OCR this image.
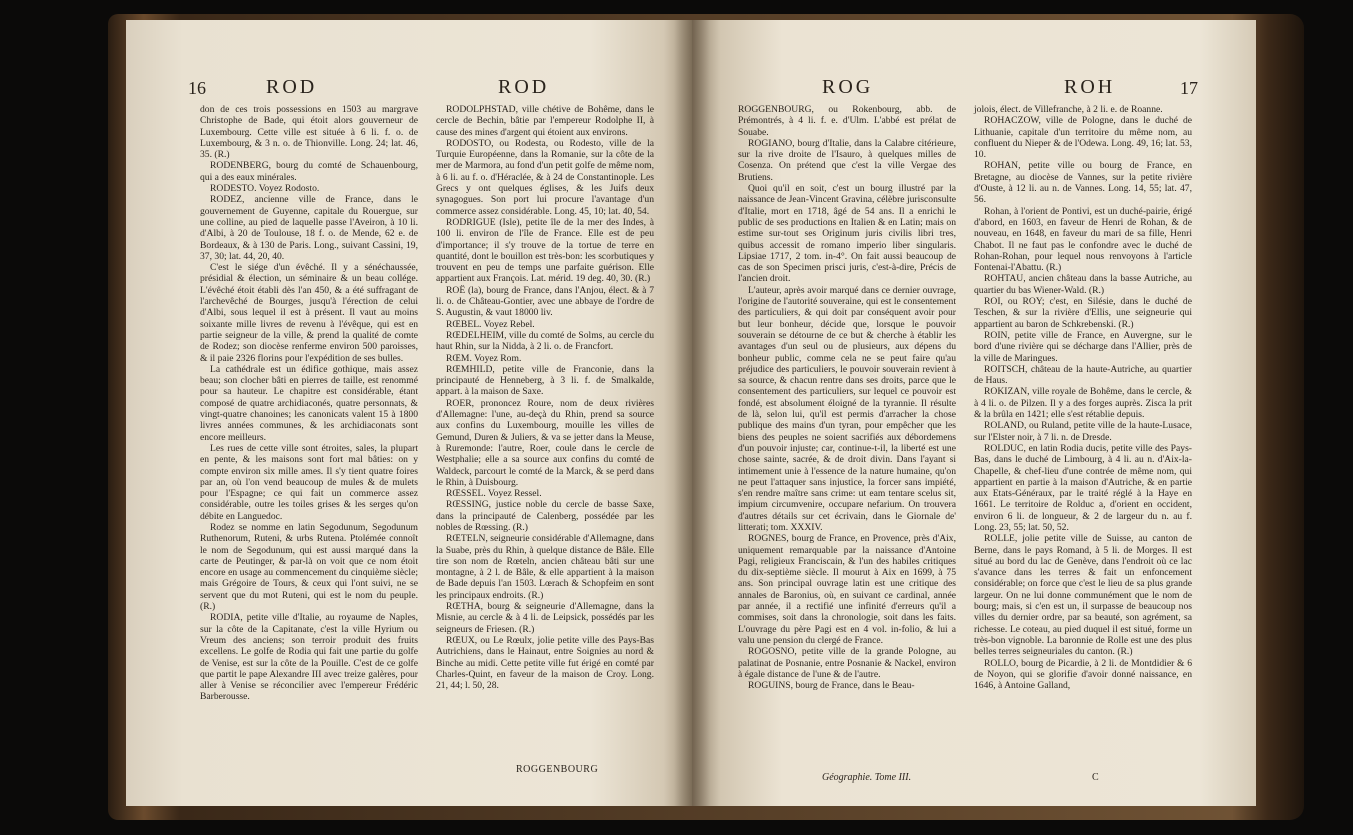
16	ROD	ROD

don de ces trois possessions en 1503 au margrave Christophe de Bade, qui étoit alors gouverneur de Luxembourg. Cette ville est située à 6 li. f. o. de Luxembourg, & 3 n. o. de Thionville. Long. 24; lat. 46, 35. (R.)

RODENBERG, bourg du comté de Schauenbourg, qui a des eaux minérales.

RODESTO. Voyez Rodosto.

RODEZ, ancienne ville de France, dans le gouvernement de Guyenne, capitale du Rouergue, sur une colline, au pied de laquelle passe l'Aveiron, à 10 li. d'Albi, à 20 de Toulouse, 18 f. o. de Mende, 62 e. de Bordeaux, & à 130 de Paris. Long., suivant Cassini, 19, 37, 30; lat. 44, 20, 40.

C'est le siége d'un évêché. Il y a sénéchaussée, présidial & élection, un séminaire & un beau collége. L'évêché étoit établi dès l'an 450, & a été suffragant de l'archevêché de Bourges, jusqu'à l'érection de celui d'Albi, sous lequel il est à présent. Il vaut au moins soixante mille livres de revenu à l'évêque, qui est en partie seigneur de la ville, & prend la qualité de comte de Rodez; son diocèse renferme environ 500 paroisses, & il paie 2326 florins pour l'expédition de ses bulles.

La cathédrale est un édifice gothique, mais assez beau; son clocher bâti en pierres de taille, est renommé pour sa hauteur. Le chapitre est considérable, étant composé de quatre archidiaconés, quatre personnats, & vingt-quatre chanoines; les canonicats valent 15 à 1800 livres années communes, & les archidiaconats sont encore meilleurs.

Les rues de cette ville sont étroites, sales, la plupart en pente, & les maisons sont fort mal bâties: on y compte environ six mille ames. Il s'y tient quatre foires par an, où l'on vend beaucoup de mules & de mulets pour l'Espagne; ce qui fait un commerce assez considérable, outre les toiles grises & les serges qu'on débite en Languedoc.

Rodez se nomme en latin Segodunum, Segodunum Ruthenorum, Ruteni, & urbs Rutena. Ptolémée connoît le nom de Segodunum, qui est aussi marqué dans la carte de Peutinger, & par-là on voit que ce nom étoit encore en usage au commencement du cinquième siècle; mais Grégoire de Tours, & ceux qui l'ont suivi, ne se servent que du mot Ruteni, qui est le nom du peuple. (R.)

RODIA, petite ville d'Italie, au royaume de Naples, sur la côte de la Capitanate, c'est la ville Hyrium ou Vreum des anciens; son terroir produit des fruits excellens. Le golfe de Rodia qui fait une partie du golfe de Venise, est sur la côte de la Pouille. C'est de ce golfe que partit le pape Alexandre III avec treize galères, pour aller à Venise se réconcilier avec l'empereur Frédéric Barberousse.

RODOLPHSTAD, ville chétive de Bohême, dans le cercle de Bechin, bâtie par l'empereur Rodolphe II, à cause des mines d'argent qui étoient aux environs.

RODOSTO, ou Rodesta, ou Rodesto, ville de la Turquie Européenne, dans la Romanie, sur la côte de la mer de Marmora, au fond d'un petit golfe de même nom, à 6 li. au f. o. d'Héraclée, & à 24 de Constantinople. Les Grecs y ont quelques églises, & les Juifs deux synagogues. Son port lui procure l'avantage d'un commerce assez considérable. Long. 45, 10; lat. 40, 54.

RODRIGUE (Isle), petite île de la mer des Indes, à 100 li. environ de l'île de France. Elle est de peu d'importance; il s'y trouve de la tortue de terre en quantité, dont le bouillon est très-bon: les scorbutiques y trouvent en peu de temps une parfaite guérison. Elle appartient aux François. Lat. mérid. 19 deg. 40, 30. (R.)

ROË (la), bourg de France, dans l'Anjou, élect. & à 7 li. o. de Château-Gontier, avec une abbaye de l'ordre de S. Augustin, & vaut 18000 liv.

RŒBEL. Voyez Rebel.

RŒDELHEIM, ville du comté de Solms, au cercle du haut Rhin, sur la Nidda, à 2 li. o. de Francfort.

RŒM. Voyez Rom.

RŒMHILD, petite ville de Franconie, dans la principauté de Henneberg, à 3 li. f. de Smalkalde, appart. à la maison de Saxe.

ROER, prononcez Roure, nom de deux rivières d'Allemagne: l'une, au-deçà du Rhin, prend sa source aux confins du Luxembourg, mouille les villes de Gemund, Duren & Juliers, & va se jetter dans la Meuse, à Ruremonde: l'autre, Roer, coule dans le cercle de Westphalie; elle a sa source aux confins du comté de Waldeck, parcourt le comté de la Marck, & se perd dans le Rhin, à Duisbourg.

RŒSSEL. Voyez Ressel.

RŒSSING, justice noble du cercle de basse Saxe, dans la principauté de Calenberg, possédée par les nobles de Rœssing. (R.)

RŒTELN, seigneurie considérable d'Allemagne, dans la Suabe, près du Rhin, à quelque distance de Bâle. Elle tire son nom de Rœteln, ancien château bâti sur une montagne, à 2 l. de Bâle, & elle appartient à la maison de Bade depuis l'an 1503. Lœrach & Schopfeim en sont les principaux endroits. (R.)

RŒTHA, bourg & seigneurie d'Allemagne, dans la Misnie, au cercle & à 4 li. de Leipsick, possédés par les seigneurs de Friesen. (R.)

RŒUX, ou Le Rœulx, jolie petite ville des Pays-Bas Autrichiens, dans le Hainaut, entre Soignies au nord & Binche au midi. Cette petite ville fut érigé en comté par Charles-Quint, en faveur de la maison de Croy. Long. 21, 44; l. 50, 28.

ROGGENBOURG
ROG	ROH	17

ROGGENBOURG, ou Rokenbourg, abb. de Prémontrés, à 4 li. f. e. d'Ulm. L'abbé est prélat de Souabe.

ROGIANO, bourg d'Italie, dans la Calabre citérieure, sur la rive droite de l'Isauro, à quelques milles de Cosenza. On prétend que c'est la ville Vergae des Brutiens.

Quoi qu'il en soit, c'est un bourg illustré par la naissance de Jean-Vincent Gravina, célèbre jurisconsulte d'Italie, mort en 1718, âgé de 54 ans. Il a enrichi le public de ses productions en Italien & en Latin; mais on estime sur-tout ses Originum juris civilis libri tres, quibus accessit de romano imperio liber singularis. Lipsiae 1717, 2 tom. in-4°. On fait aussi beaucoup de cas de son Specimen prisci juris, c'est-à-dire, Précis de l'ancien droit.

L'auteur, après avoir marqué dans ce dernier ouvrage, l'origine de l'autorité souveraine, qui est le consentement des particuliers, & qui doit par conséquent avoir pour but leur bonheur, décide que, lorsque le pouvoir souverain se détourne de ce but & cherche à établir les avantages d'un seul ou de plusieurs, aux dépens du bonheur public, comme cela ne se peut faire qu'au préjudice des particuliers, le pouvoir souverain revient à sa source, & chacun rentre dans ses droits, parce que le consentement des particuliers, sur lequel ce pouvoir est fondé, est absolument éloigné de la tyrannie. Il résulte de là, selon lui, qu'il est permis d'arracher la chose publique des mains d'un tyran, pour empêcher que les biens des peuples ne soient sacrifiés aux débordemens d'un pouvoir injuste; car, continue-t-il, la liberté est une chose sainte, sacrée, & de droit divin. Dans l'ayant si intimement unie à l'essence de la nature humaine, qu'on ne peut l'attaquer sans injustice, la forcer sans impiété, s'en rendre maître sans crime: ut eam tentare scelus sit, impium circumvenire, occupare nefarium. On trouvera d'autres détails sur cet écrivain, dans le Giornale de' litterati; tom. XXXIV.

ROGNES, bourg de France, en Provence, près d'Aix, uniquement remarquable par la naissance d'Antoine Pagi, religieux Franciscain, & l'un des habiles critiques du dix-septième siècle. Il mourut à Aix en 1699, à 75 ans. Son principal ouvrage latin est une critique des annales de Baronius, où, en suivant ce cardinal, année par année, il a rectifié une infinité d'erreurs qu'il a commises, soit dans la chronologie, soit dans les faits. L'ouvrage du père Pagi est en 4 vol. in-folio, & lui a valu une pension du clergé de France.

ROGOSNO, petite ville de la grande Pologne, au palatinat de Posnanie, entre Posnanie & Nackel, environ à égale distance de l'une & de l'autre.

ROGUINS, bourg de France, dans le Beau-

jolois, élect. de Villefranche, à 2 li. e. de Roanne.

ROHACZOW, ville de Pologne, dans le duché de Lithuanie, capitale d'un territoire du même nom, au confluent du Nieper & de l'Odewa. Long. 49, 16; lat. 53, 10.

ROHAN, petite ville ou bourg de France, en Bretagne, au diocèse de Vannes, sur la petite rivière d'Ouste, à 12 li. au n. de Vannes. Long. 14, 55; lat. 47, 56.

Rohan, à l'orient de Pontivi, est un duché-pairie, érigé d'abord, en 1603, en faveur de Henri de Rohan, & de nouveau, en 1648, en faveur du mari de sa fille, Henri Chabot. Il ne faut pas le confondre avec le duché de Rohan-Rohan, pour lequel nous renvoyons à l'article Fontenai-l'Abattu. (R.)

ROHTAU, ancien château dans la basse Autriche, au quartier du bas Wiener-Wald. (R.)

ROI, ou ROY; c'est, en Silésie, dans le duché de Teschen, & sur la rivière d'Ellis, une seigneurie qui appartient au baron de Schkrebenski. (R.)

ROIN, petite ville de France, en Auvergne, sur le bord d'une rivière qui se décharge dans l'Allier, près de la ville de Maringues.

ROITSCH, château de la haute-Autriche, au quartier de Haus.

ROKIZAN, ville royale de Bohême, dans le cercle, & à 4 li. o. de Pilzen. Il y a des forges auprès. Zisca la prit & la brûla en 1421; elle s'est rétablie depuis.

ROLAND, ou Ruland, petite ville de la haute-Lusace, sur l'Elster noir, à 7 li. n. de Dresde.

ROLDUC, en latin Rodia ducis, petite ville des Pays-Bas, dans le duché de Limbourg, à 4 li. au n. d'Aix-la-Chapelle, & chef-lieu d'une contrée de même nom, qui appartient en partie à la maison d'Autriche, & en partie aux Etats-Généraux, par le traité réglé à la Haye en 1661. Le territoire de Rolduc a, d'orient en occident, environ 6 li. de longueur, & 2 de largeur du n. au f. Long. 23, 55; lat. 50, 52.

ROLLE, jolie petite ville de Suisse, au canton de Berne, dans le pays Romand, à 5 li. de Morges. Il est situé au bord du lac de Genève, dans l'endroit où ce lac s'avance dans les terres & fait un enfoncement considérable; on force que c'est le lieu de sa plus grande largeur. On ne lui donne communément que le nom de bourg; mais, si c'en est un, il surpasse de beaucoup nos villes du dernier ordre, par sa beauté, son agrément, sa richesse. Le coteau, au pied duquel il est situé, forme un très-bon vignoble. La baronnie de Rolle est une des plus belles terres seigneuriales du canton. (R.)

ROLLO, bourg de Picardie, à 2 li. de Montdidier & 6 de Noyon, qui se glorifie d'avoir donné naissance, en 1646, à Antoine Galland,

Géographie. Tome III.	C
